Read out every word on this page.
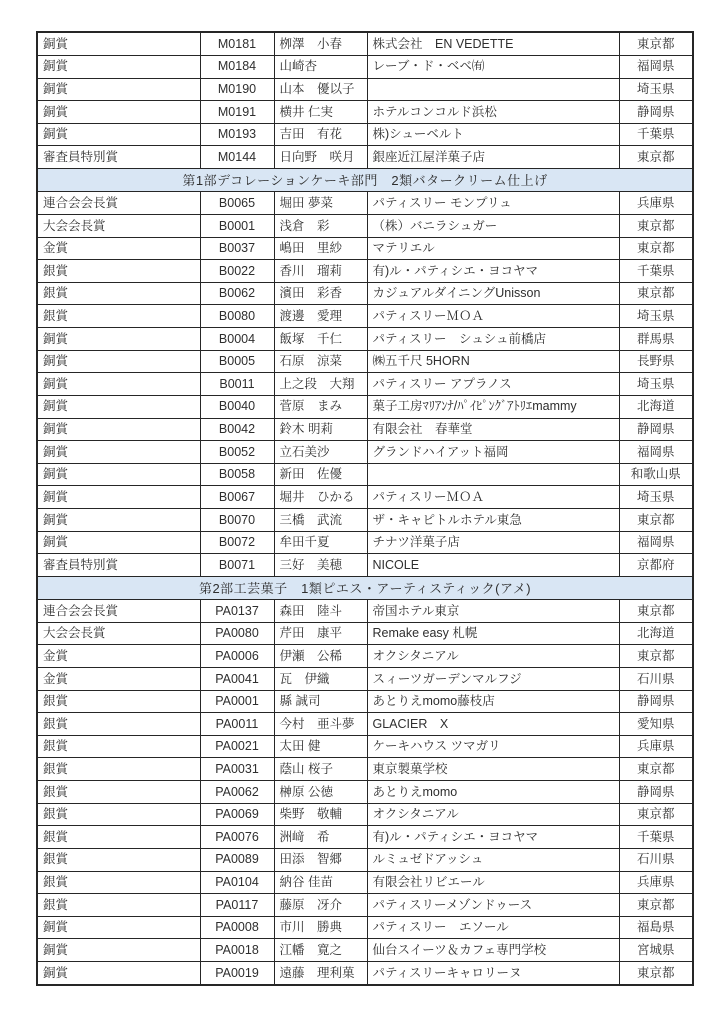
銅賞	M0181	栁澤　小春	株式会社　EN VEDETTE	東京都
銅賞	M0184	山崎杏	レーブ・ド・ベベ㈲	福岡県
銅賞	M0190	山本　優以子		埼玉県
銅賞	M0191	横井 仁実	ホテルコンコルド浜松	静岡県
銅賞	M0193	吉田　有花	株)シューベルト	千葉県
審査員特別賞	M0144	日向野　咲月	銀座近江屋洋菓子店	東京都
第1部デコレーションケーキ部門　2類バタークリーム仕上げ				
連合会会長賞	B0065	堀田 夢菜	パティスリー モンプリュ	兵庫県
大会会長賞	B0001	浅倉　彩	（株）バニラシュガー	東京都
金賞	B0037	嶋田　里紗	マテリエル	東京都
銀賞	B0022	香川　瑠莉	有)ル・パティシエ・ヨコヤマ	千葉県
銀賞	B0062	濱田　彩香	カジュアルダイニングUnisson	東京都
銀賞	B0080	渡邊　愛理	パティスリーＭＯＡ	埼玉県
銅賞	B0004	飯塚　千仁	パティスリー　シュシュ前橋店	群馬県
銅賞	B0005	石原　涼菜	㈱五千尺 5HORN	長野県
銅賞	B0011	上之段　大翔	パティスリー アプラノス	埼玉県
銅賞	B0040	菅原　まみ	菓子工房ﾏﾘｱﾝﾅ/ﾊﾟｲﾋﾟﾝｸﾞｱﾄﾘｴmammy	北海道
銅賞	B0042	鈴木 明莉	有限会社　春華堂	静岡県
銅賞	B0052	立石美沙	グランドハイアット福岡	福岡県
銅賞	B0058	新田　佐優		和歌山県
銅賞	B0067	堀井　ひかる	パティスリーＭＯＡ	埼玉県
銅賞	B0070	三橋　武流	ザ・キャピトルホテル東急	東京都
銅賞	B0072	牟田千夏	チナツ洋菓子店	福岡県
審査員特別賞	B0071	三好　美穂	NICOLE	京都府
第2部工芸菓子　1類ピエス・アーティスティック(アメ)				
連合会会長賞	PA0137	森田　陸斗	帝国ホテル東京	東京都
大会会長賞	PA0080	芹田　康平	Remake easy 札幌	北海道
金賞	PA0006	伊瀬　公稀	オクシタニアル	東京都
金賞	PA0041	瓦　伊織	スィーツガーデンマルフジ	石川県
銀賞	PA0001	縣 誠司	あとりえmomo藤枝店	静岡県
銀賞	PA0011	今村　亜斗夢	GLACIER　X	愛知県
銀賞	PA0021	太田 健	ケーキハウス ツマガリ	兵庫県
銀賞	PA0031	蔭山 桜子	東京製菓学校	東京都
銀賞	PA0062	榊原 公徳	あとりえmomo	静岡県
銀賞	PA0069	柴野　敬輔	オクシタニアル	東京都
銀賞	PA0076	洲﨑　希	有)ル・パティシエ・ヨコヤマ	千葉県
銀賞	PA0089	田添　智郷	ルミュゼドアッシュ	石川県
銀賞	PA0104	納谷 佳苗	有限会社リビエール	兵庫県
銀賞	PA0117	藤原　冴介	パティスリーメゾンドゥース	東京都
銅賞	PA0008	市川　勝典	パティスリー　エソール	福島県
銅賞	PA0018	江幡　寛之	仙台スイーツ＆カフェ専門学校	宮城県
銅賞	PA0019	遠藤　理利菓	パティスリーキャロリーヌ	東京都
